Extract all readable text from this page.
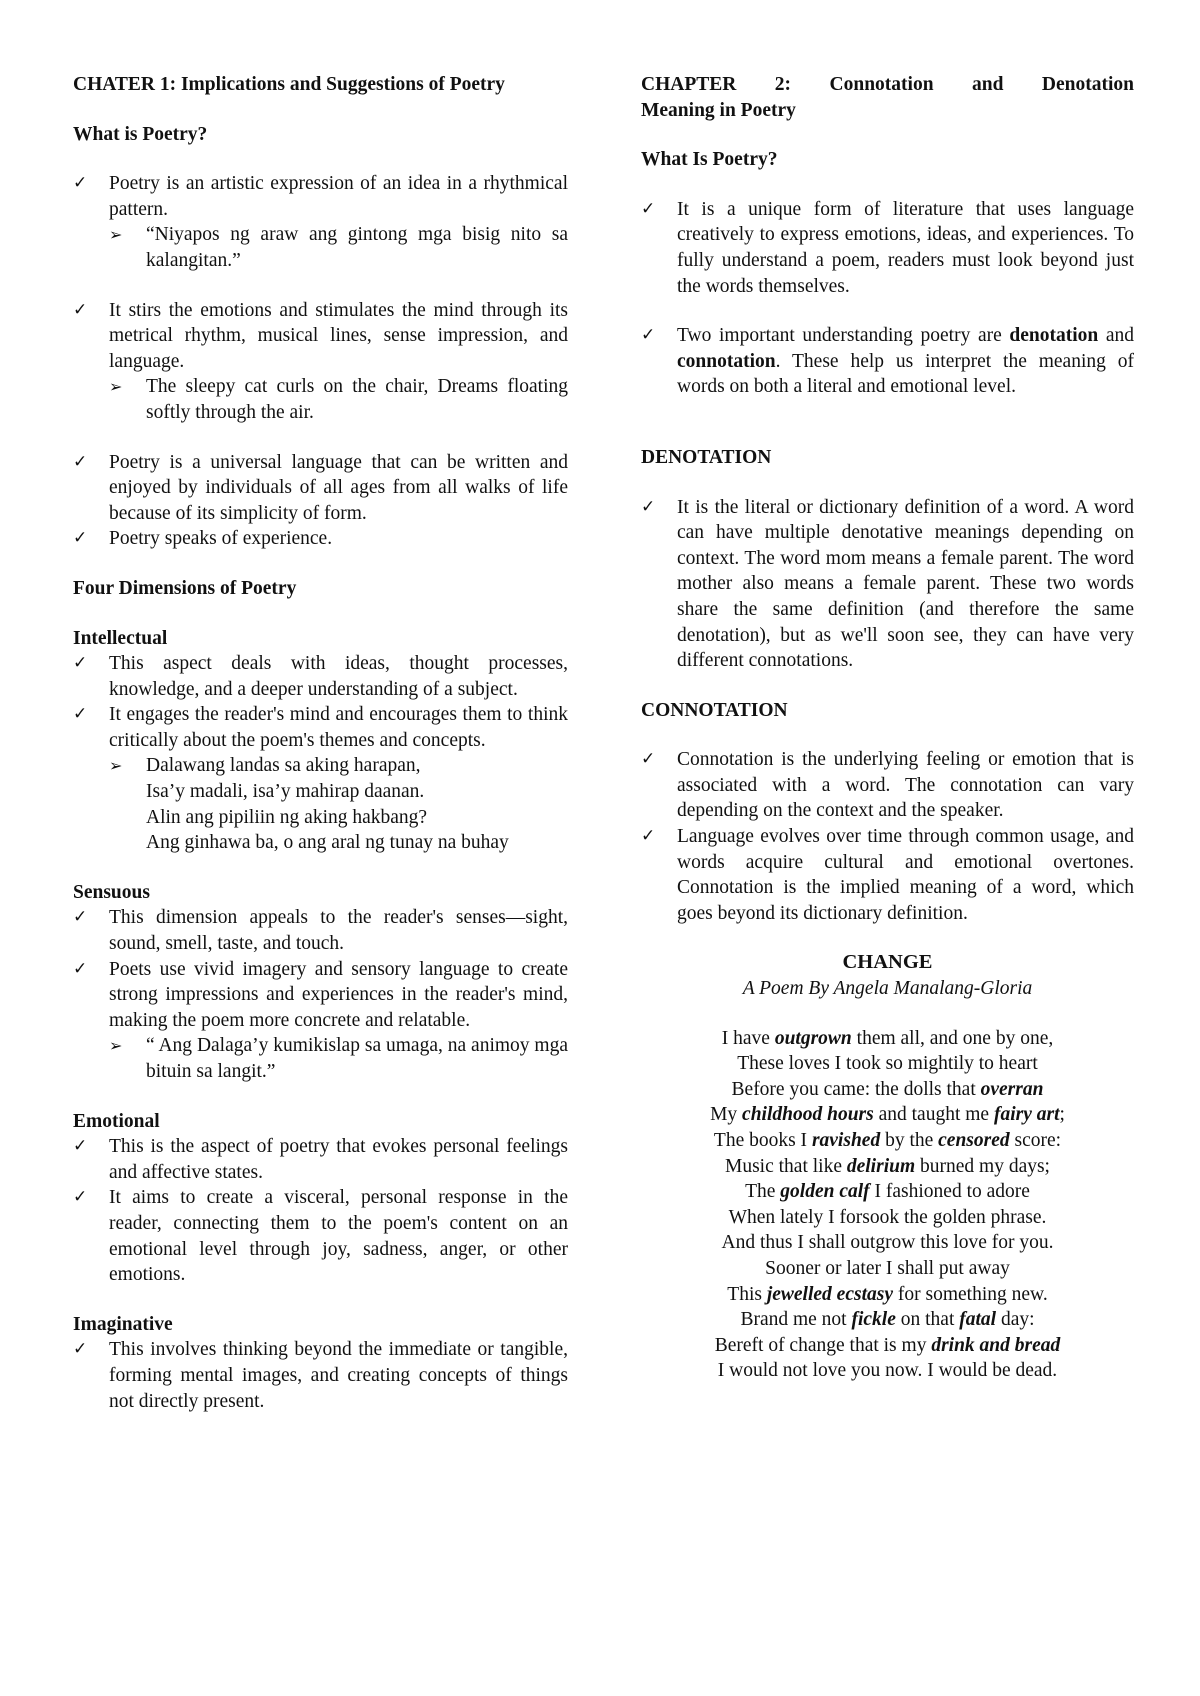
CHATER 1: Implications and Suggestions of Poetry
What is Poetry?
✓	Poetry is an artistic expression of an idea in a rhythmical pattern.
➢ “Niyapos ng araw ang gintong mga bisig nito sa kalangitan.”
✓	It stirs the emotions and stimulates the mind through its metrical rhythm, musical lines, sense impression, and language.
➢ The sleepy cat curls on the chair, Dreams floating softly through the air.
✓	Poetry is a universal language that can be written and enjoyed by individuals of all ages from all walks of life because of its simplicity of form.
✓	Poetry speaks of experience.
Four Dimensions of Poetry
Intellectual
✓	This aspect deals with ideas, thought processes, knowledge, and a deeper understanding of a subject.
✓	It engages the reader's mind and encourages them to think critically about the poem's themes and concepts.
➢ Dalawang landas sa aking harapan,
Isa’y madali, isa’y mahirap daanan.
Alin ang pipiliin ng aking hakbang?
Ang ginhawa ba, o ang aral ng tunay na buhay
Sensuous
✓	This dimension appeals to the reader's senses—sight, sound, smell, taste, and touch.
✓	Poets use vivid imagery and sensory language to create strong impressions and experiences in the reader's mind, making the poem more concrete and relatable.
➢ “ Ang Dalaga’y kumikislap sa umaga, na animoy mga bituin sa langit.”
Emotional
✓	This is the aspect of poetry that evokes personal feelings and affective states.
✓	It aims to create a visceral, personal response in the reader, connecting them to the poem's content on an emotional level through joy, sadness, anger, or other emotions.
Imaginative
✓	This involves thinking beyond the immediate or tangible, forming mental images, and creating concepts of things not directly present.
CHAPTER 2: Connotation and Denotation
Meaning in Poetry
What Is Poetry?
✓	It is a unique form of literature that uses language creatively to express emotions, ideas, and experiences. To fully understand a poem, readers must look beyond just the words themselves.
✓	Two important understanding poetry are denotation and connotation. These help us interpret the meaning of words on both a literal and emotional level.
DENOTATION
✓	It is the literal or dictionary definition of a word. A word can have multiple denotative meanings depending on context. The word mom means a female parent. The word mother also means a female parent. These two words share the same definition (and therefore the same denotation), but as we'll soon see, they can have very different connotations.
CONNOTATION
✓	Connotation is the underlying feeling or emotion that is associated with a word. The connotation can vary depending on the context and the speaker.
✓	Language evolves over time through common usage, and words acquire cultural and emotional overtones. Connotation is the implied meaning of a word, which goes beyond its dictionary definition.
CHANGE
A Poem By Angela Manalang-Gloria
I have outgrown them all, and one by one,
These loves I took so mightily to heart
Before you came: the dolls that overran
My childhood hours and taught me fairy art;
The books I ravished by the censored score:
Music that like delirium burned my days;
The golden calf I fashioned to adore
When lately I forsook the golden phrase.
And thus I shall outgrow this love for you.
Sooner or later I shall put away
This jewelled ecstasy for something new.
Brand me not fickle on that fatal day:
Bereft of change that is my drink and bread
I would not love you now. I would be dead.
